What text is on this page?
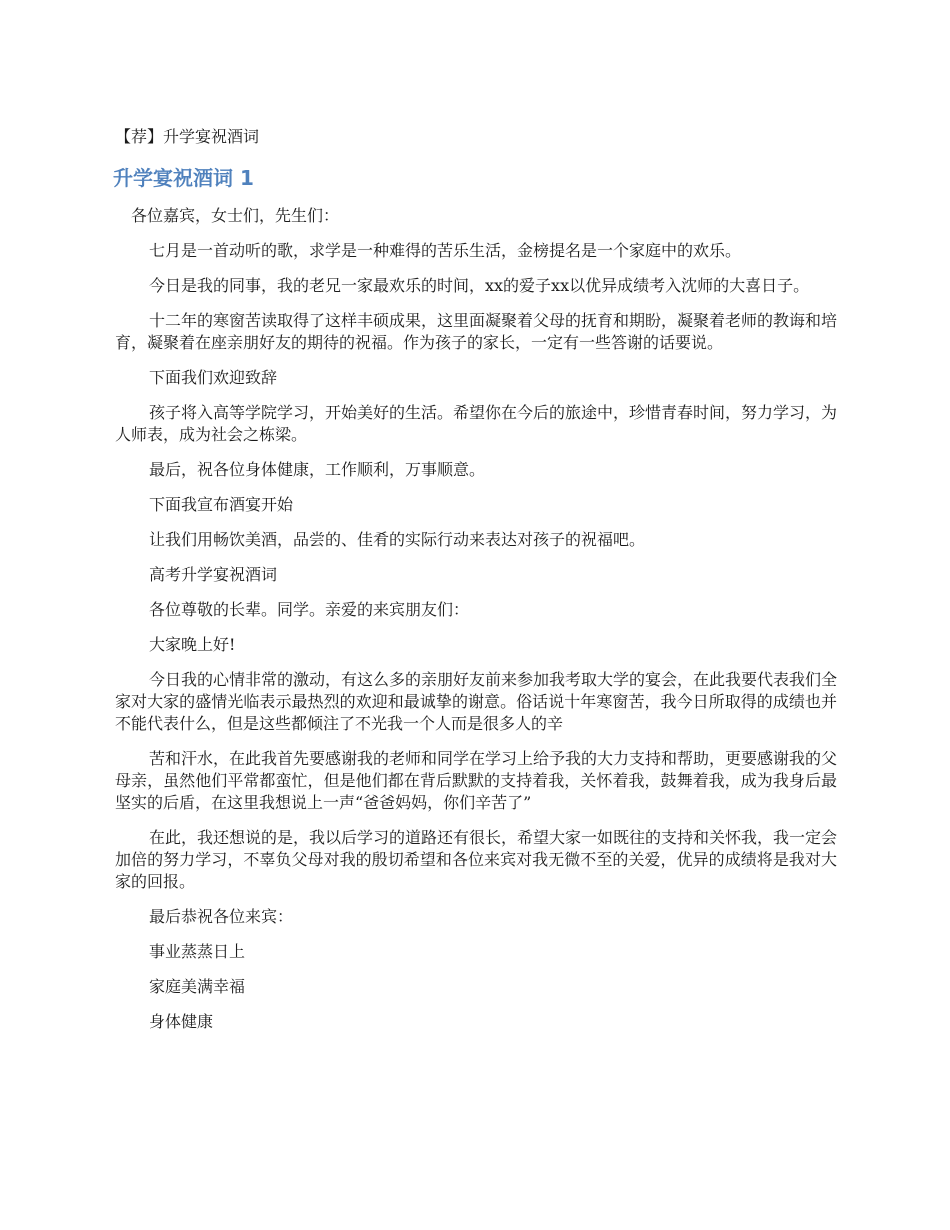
【荐】升学宴祝酒词
升学宴祝酒词 1
各位嘉宾，女士们，先生们：

七月是一首动听的歌，求学是一种难得的苦乐生活，金榜提名是一个家庭中的欢乐。

今日是我的同事，我的老兄一家最欢乐的时间，xx的爱子xx以优异成绩考入沈师的大喜日子。

十二年的寒窗苦读取得了这样丰硕成果，这里面凝聚着父母的抚育和期盼，凝聚着老师的教诲和培育，凝聚着在座亲朋好友的期待的祝福。作为孩子的家长，一定有一些答谢的话要说。

下面我们欢迎致辞

孩子将入高等学院学习，开始美好的生活。希望你在今后的旅途中，珍惜青春时间，努力学习，为人师表，成为社会之栋梁。

最后，祝各位身体健康，工作顺利，万事顺意。

下面我宣布酒宴开始

让我们用畅饮美酒，品尝的、佳肴的实际行动来表达对孩子的祝福吧。

高考升学宴祝酒词

各位尊敬的长辈。同学。亲爱的来宾朋友们：

大家晚上好!

今日我的心情非常的激动，有这么多的亲朋好友前来参加我考取大学的宴会，在此我要代表我们全家对大家的盛情光临表示最热烈的欢迎和最诚挚的谢意。俗话说十年寒窗苦，我今日所取得的成绩也并不能代表什么，但是这些都倾注了不光我一个人而是很多人的辛

苦和汗水，在此我首先要感谢我的老师和同学在学习上给予我的大力支持和帮助，更要感谢我的父母亲，虽然他们平常都蛮忙，但是他们都在背后默默的支持着我，关怀着我，鼓舞着我，成为我身后最坚实的后盾，在这里我想说上一声“爸爸妈妈，你们辛苦了”

在此，我还想说的是，我以后学习的道路还有很长，希望大家一如既往的支持和关怀我，我一定会加倍的努力学习，不辜负父母对我的殷切希望和各位来宾对我无微不至的关爱，优异的成绩将是我对大家的回报。

最后恭祝各位来宾：

事业蒸蒸日上

家庭美满幸福

身体健康
